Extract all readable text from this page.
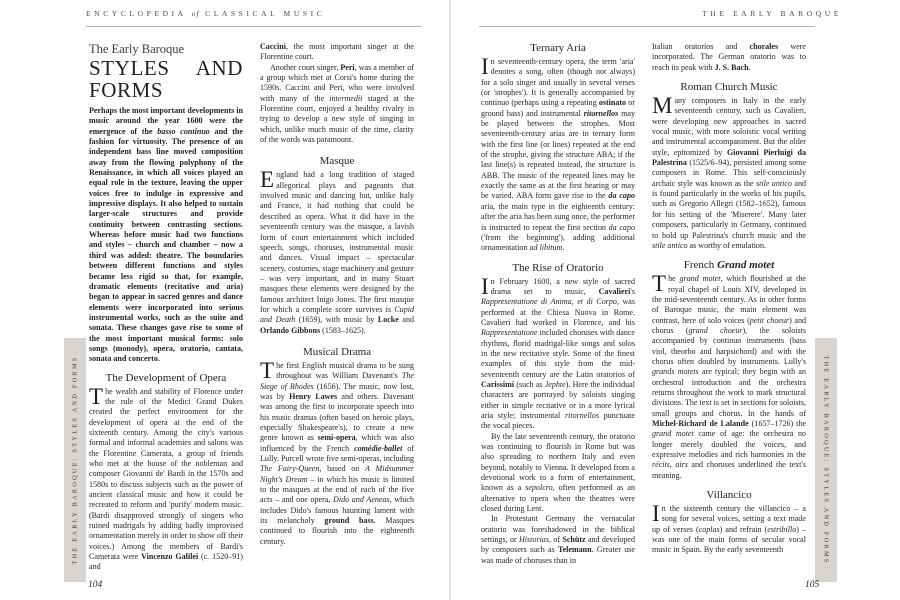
ENCYCLOPEDIA of CLASSICAL MUSIC	THE EARLY BAROQUE
THE EARLY BAROQUE: STYLES AND FORMS	THE EARLY BAROQUE: STYLES AND FORMS

The Early Baroque

STYLES AND FORMS

Perhaps the most important developments in music around the year 1600 were the emergence of the basso continuo and the fashion for virtuosity. The presence of an independent bass line moved composition away from the flowing polyphony of the Renaissance, in which all voices played an equal role in the texture, leaving the upper voices free to indulge in expressive and impressive displays. It also helped to sustain larger-scale structures and provide continuity between contrasting sections. Whereas before music had two functions and styles – church and chamber – now a third was added: theatre. The boundaries between different functions and styles became less rigid so that, for example, dramatic elements (recitative and aria) began to appear in sacred genres and dance elements were incorporated into serious instrumental works, such as the suite and sonata. These changes gave rise to some of the most important musical forms: solo songs (monody), opera, oratorio, cantata, sonata and concerto.

The Development of Opera

The wealth and stability of Florence under the rule of the Medici Grand Dukes created the perfect environment for the development of opera at the end of the sixteenth century. Among the city's various formal and informal academies and salons was the Florentine Camerata, a group of friends who met at the house of the nobleman and composer Giovanni de' Bardi in the 1570s and 1580s to discuss subjects such as the power of ancient classical music and how it could be recreated to reform and 'purify' modern music. (Bardi disapproved strongly of singers who ruined madrigals by adding badly improvised ornamentation merely in order to show off their voices.) Among the members of Bardi's Camerata were Vincenzo Galilei (c. 1520–91) and

Caccini, the most important singer at the Florentine court.

Another court singer, Peri, was a member of a group which met at Corsi's home during the 1590s. Caccini and Peri, who were involved with many of the intermedii staged at the Florentine court, enjoyed a healthy rivalry in trying to develop a new style of singing in which, unlike much music of the time, clarity of the words was paramount.

Masque

England had a long tradition of staged allegorical plays and pageants that involved music and dancing but, unlike Italy and France, it had nothing that could be described as opera. What it did have in the seventeenth century was the masque, a lavish form of court entertainment which included speech, songs, choruses, instrumental music and dances. Visual impact – spectacular scenery, costumes, stage machinery and gesture – was very important, and in many Stuart masques these elements were designed by the famous architect Inigo Jones. The first masque for which a complete score survives is Cupid and Death (1659), with music by Locke and Orlando Gibbons (1583–1625).

Musical Drama

The first English musical drama to be sung throughout was William Davenant's The Siege of Rhodes (1656). The music, now lost, was by Henry Lawes and others. Davenant was among the first to incorporate speech into his music dramas (often based on heroic plays, especially Shakespeare's), to create a new genre known as semi-opera, which was also influenced by the French comédie-ballet of Lully. Purcell wrote five semi-operas, including The Fairy-Queen, based on A Midsummer Night's Dream – in which his music is limited to the masques at the end of each of the five acts – and one opera, Dido and Aeneas, which includes Dido's famous haunting lament with its melancholy ground bass. Masques continued to flourish into the eighteenth century.

Ternary Aria

In seventeenth-century opera, the term 'aria' denotes a song, often (though not always) for a solo singer and usually in several verses (or 'strophes'). It is generally accompanied by continuo (perhaps using a repeating ostinato or ground bass) and instrumental ritornellos may be played between the strophes. Most seventeenth-century arias are in ternary form with the first line (or lines) repeated at the end of the strophe, giving the structure ABA; if the last line(s) is repeated instead, the structure is ABB. The music of the repeated lines may be exactly the same as at the first hearing or may be varied. ABA form gave rise to the da capo aria, the main type in the eighteenth century: after the aria has been sung once, the performer is instructed to repeat the first section da capo ('from the beginning'), adding additional ornamentation ad libitum.

The Rise of Oratorio

In February 1600, a new style of sacred drama set to music, Cavalieri's Rappresentatione di Anima, et di Corpo, was performed at the Chiesa Nuova in Rome. Cavalieri had worked in Florence, and his Rappresentatione included choruses with dance rhythms, florid madrigal-like songs and solos in the new recitative style. Some of the finest examples of this style from the mid-seventeenth century are the Latin oratorios of Carissimi (such as Jephte). Here the individual characters are portrayed by soloists singing either in simple recitative or in a more lyrical aria style; instrumental ritornellos punctuate the vocal pieces.

By the late seventeenth century, the oratorio was continuing to flourish in Rome but was also spreading to northern Italy and even beyond, notably to Vienna. It developed from a devotional work to a form of entertainment, known as a sepolcro, often performed as an alternative to opera when the theatres were closed during Lent.

In Protestant Germany the vernacular oratorio was foreshadowed in the biblical settings, or Historias, of Schütz and developed by composers such as Telemann. Greater use was made of choruses than in

Italian oratorios and chorales were incorporated. The German oratorio was to reach its peak with J. S. Bach.

Roman Church Music

Many composers in Italy in the early seventeenth century, such as Cavalieri, were developing new approaches in sacred vocal music, with more soloistic vocal writing and instrumental accompaniment. But the older style, epitomized by Giovanni Pierluigi da Palestrina (1525/6–94), persisted among some composers in Rome. This self-consciously archaic style was known as the stile antico and is found particularly in the works of his pupils, such as Gregorio Allegri (1582–1652), famous for his setting of the 'Miserere'. Many later composers, particularly in Germany, continued to hold up Palestrina's church music and the stile antico as worthy of emulation.

French Grand motet

The grand motet, which flourished at the royal chapel of Louis XIV, developed in the mid-seventeenth century. As in other forms of Baroque music, the main element was contrast, here of solo voices (petit choeur) and chorus (grand choeur), the soloists accompanied by continuo instruments (bass viol, theorbo and harpsichord) and with the chorus often doubled by instruments. Lully's grands motets are typical; they begin with an orchestral introduction and the orchestra returns throughout the work to mark structural divisions. The text is set in sections for soloists, small groups and chorus. In the hands of Michel-Richard de Lalande (1657–1726) the grand motet came of age: the orchestra no longer merely doubled the voices, and expressive melodies and rich harmonies in the récits, airs and choruses underlined the text's meaning.

Villancico

In the sixteenth century the villancico – a song for several voices, setting a text made up of verses (coplas) and refrain (estribillo) – was one of the main forms of secular vocal music in Spain. By the early seventeenth

104	105
